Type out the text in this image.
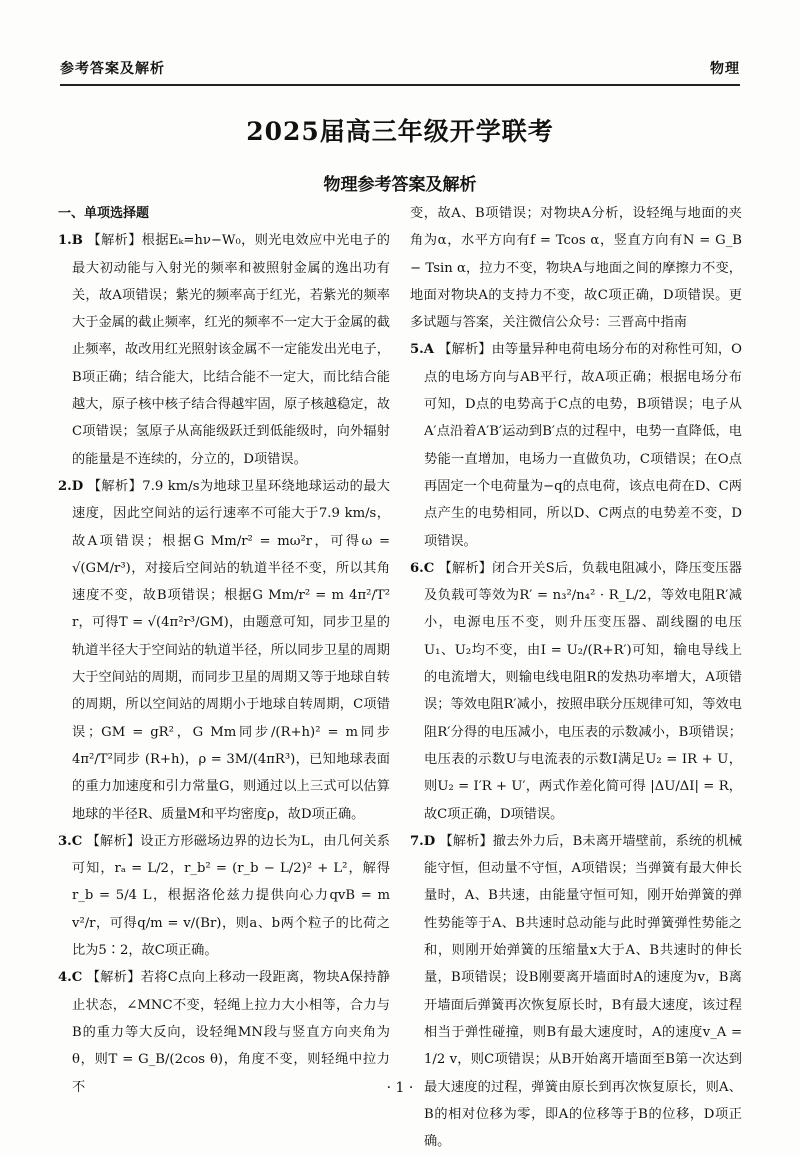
参考答案及解析	物理
2025届高三年级开学联考
物理参考答案及解析
一、单项选择题

1.B 【解析】根据Eₖ=hν−W₀，则光电效应中光电子的最大初动能与入射光的频率和被照射金属的逸出功有关，故A项错误；紫光的频率高于红光，若紫光的频率大于金属的截止频率，红光的频率不一定大于金属的截止频率，故改用红光照射该金属不一定能发出光电子，B项正确；结合能大，比结合能不一定大，而比结合能越大，原子核中核子结合得越牢固，原子核越稳定，故C项错误；氢原子从高能级跃迁到低能级时，向外辐射的能量是不连续的，分立的，D项错误。

2.D 【解析】7.9 km/s为地球卫星环绕地球运动的最大速度，因此空间站的运行速率不可能大于7.9 km/s，故A项错误；根据G Mm/r² = mω²r，可得ω = √(GM/r³)，对接后空间站的轨道半径不变，所以其角速度不变，故B项错误；根据G Mm/r² = m 4π²/T² r，可得T = √(4π²r³/GM)，由题意可知，同步卫星的轨道半径大于空间站的轨道半径，所以同步卫星的周期大于空间站的周期，而同步卫星的周期又等于地球自转的周期，所以空间站的周期小于地球自转周期，C项错误；GM = gR²，G Mm同步/(R+h)² = m同步 4π²/T²同步 (R+h)，ρ = 3M/(4πR³)，已知地球表面的重力加速度和引力常量G，则通过以上三式可以估算地球的半径R、质量M和平均密度ρ，故D项正确。

3.C 【解析】设正方形磁场边界的边长为L，由几何关系可知，rₐ = L/2，r_b² = (r_b − L/2)² + L²，解得r_b = 5/4 L，根据洛伦兹力提供向心力qvB = m v²/r，可得q/m = v/(Br)，则a、b两个粒子的比荷之比为5∶2，故C项正确。

4.C 【解析】若将C点向上移动一段距离，物块A保持静止状态，∠MNC不变，轻绳上拉力大小相等，合力与B的重力等大反向，设轻绳MN段与竖直方向夹角为θ，则T = G_B/(2cos θ)，角度不变，则轻绳中拉力不

变，故A、B项错误；对物块A分析，设轻绳与地面的夹角为α，水平方向有f = Tcos α，竖直方向有N = G_B − Tsin α，拉力不变，物块A与地面之间的摩擦力不变，地面对物块A的支持力不变，故C项正确，D项错误。更多试题与答案，关注微信公众号：三晋高中指南

5.A 【解析】由等量异种电荷电场分布的对称性可知，O点的电场方向与AB平行，故A项正确；根据电场分布可知，D点的电势高于C点的电势，B项错误；电子从A′点沿着A′B′运动到B′点的过程中，电势一直降低，电势能一直增加，电场力一直做负功，C项错误；在O点再固定一个电荷量为−q的点电荷，该点电荷在D、C两点产生的电势相同，所以D、C两点的电势差不变，D项错误。

6.C 【解析】闭合开关S后，负载电阻减小，降压变压器及负载可等效为R′ = n₃²/n₄² · R_L/2，等效电阻R′减小，电源电压不变，则升压变压器、副线圈的电压U₁、U₂均不变，由I = U₂/(R+R′)可知，输电导线上的电流增大，则输电线电阻R的发热功率增大，A项错误；等效电阻R′减小，按照串联分压规律可知，等效电阻R′分得的电压减小，电压表的示数减小，B项错误；电压表的示数U与电流表的示数I满足U₂ = IR + U，则U₂ = I′R + U′，两式作差化简可得 |ΔU/ΔI| = R，故C项正确，D项错误。

7.D 【解析】撤去外力后，B未离开墙壁前，系统的机械能守恒，但动量不守恒，A项错误；当弹簧有最大伸长量时，A、B共速，由能量守恒可知，刚开始弹簧的弹性势能等于A、B共速时总动能与此时弹簧弹性势能之和，则刚开始弹簧的压缩量x大于A、B共速时的伸长量，B项错误；设B刚要离开墙面时A的速度为v，B离开墙面后弹簧再次恢复原长时，B有最大速度，该过程相当于弹性碰撞，则B有最大速度时，A的速度v_A = 1/2 v，则C项错误；从B开始离开墙面至B第一次达到最大速度的过程，弹簧由原长到再次恢复原长，则A、B的相对位移为零，即A的位移等于B的位移，D项正确。

· 1 ·
